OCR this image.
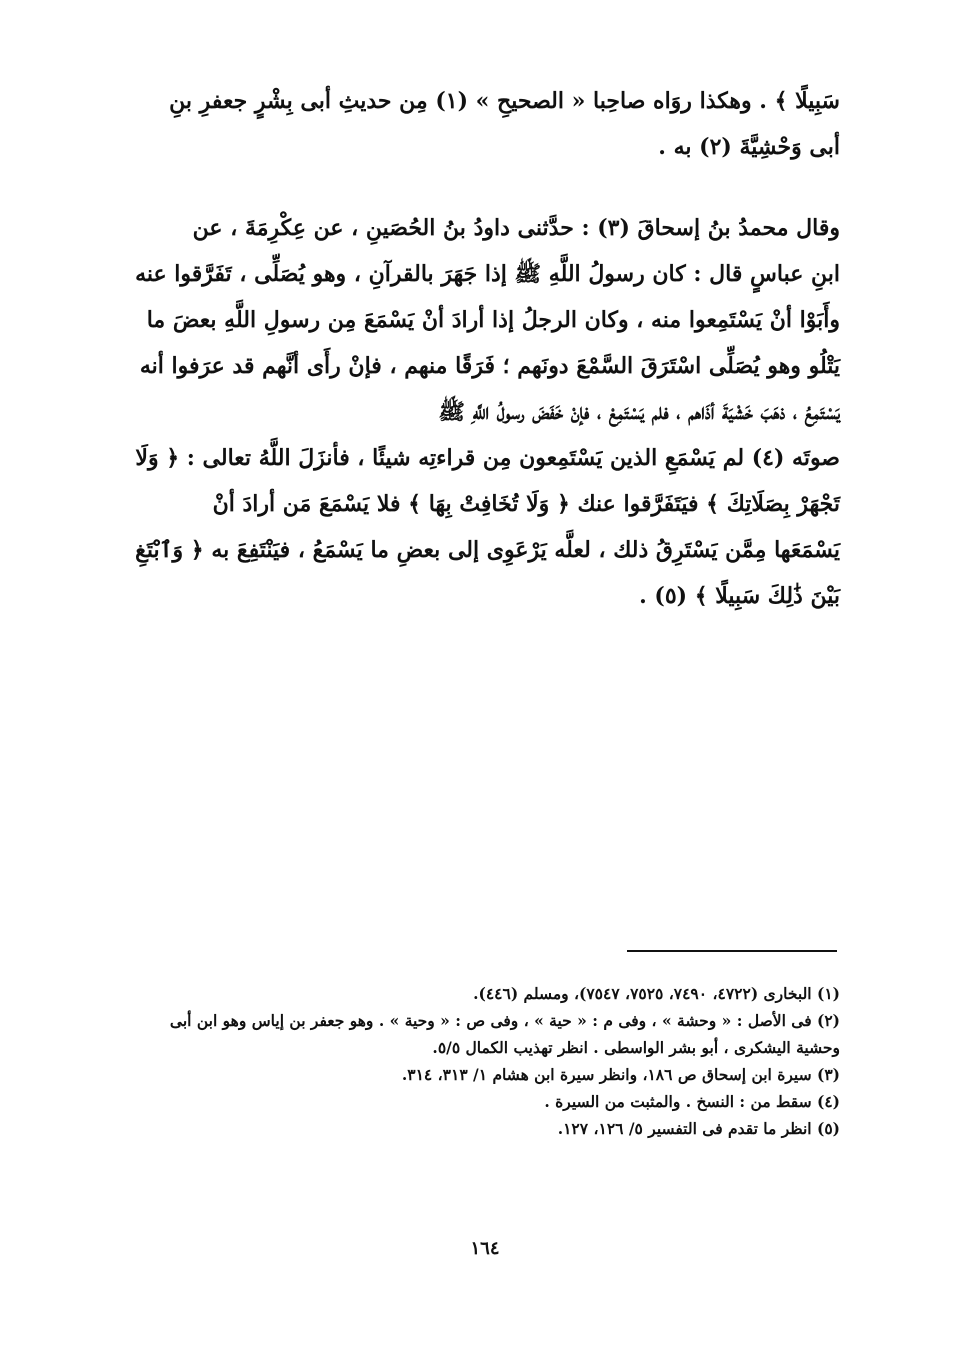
سَبِيلًا ﴾ . وهكذا روَاه صاحِبا « الصحيحِ » (١) مِن حديثِ أبى بِشْرٍ جعفرِ بنِ
أبى وَحْشِيَّةَ (٢) به .
وقال محمدُ بنُ إسحاقَ (٣) : حدَّثنى داودُ بنُ الحُصَينِ ، عن عِكْرِمَةَ ، عن
ابنِ عباسٍ قال : كان رسولُ اللَّهِ ﷺ إذا جَهَرَ بالقرآنِ ، وهو يُصَلِّى ، تَفَرَّقوا عنه
وأَبَوْا أنْ يَسْتَمِعوا منه ، وكان الرجلُ إذا أرادَ أنْ يَسْمَعَ مِن رسولِ اللَّهِ بعضَ ما
يَتْلُو وهو يُصَلِّى اسْتَرَقَ السَّمْعَ دونَهم ؛ فَرَقًا منهم ، فإنْ رأَى أنَّهم قد عرَفوا أنه
يَسْتَمِعُ ، ذهَبَ خَشْيَةَ أذَاهم ، فلم يَسْتَمِعْ ، فإنْ خَفَضَ رسولُ اللَّهِ ﷺ
صوتَه (٤) لم يَسْمَعِ الذين يَسْتَمِعون مِن قراءتِه شيئًا ، فأنزَلَ اللَّهُ تعالى : ﴿ وَلَا
تَجْهَرْ بِصَلَاتِكَ ﴾ فيَتَفَرَّقوا عنك ﴿ وَلَا تُخَافِتْ بِهَا ﴾ فلا يَسْمَعَ مَن أرادَ أنْ
يَسْمَعَها مِمَّن يَسْتَرِقُ ذلك ، لعلَّه يَرْعَوِى إلى بعضِ ما يَسْمَعُ ، فيَنْتَفِعَ به ﴿ وَٱبْتَغِ
بَيْنَ ذَٰلِكَ سَبِيلًا ﴾ (٥) .
(١) البخارى (٤٧٢٢، ٧٤٩٠، ٧٥٢٥، ٧٥٤٧)، ومسلم (٤٤٦).
(٢) فى الأصل : « وحشة » ، وفى م : « حية » ، وفى ص : « وحية » . وهو جعفر بن إياس وهو ابن أبى
وحشية اليشكرى ، أبو بشر الواسطى . انظر تهذيب الكمال ٥/٥.
(٣) سيرة ابن إسحاق ص ١٨٦، وانظر سيرة ابن هشام ١/ ٣١٣، ٣١٤.
(٤) سقط من : النسخ . والمثبت من السيرة .
(٥) انظر ما تقدم فى التفسير ٥/ ١٢٦، ١٢٧.
١٦٤
